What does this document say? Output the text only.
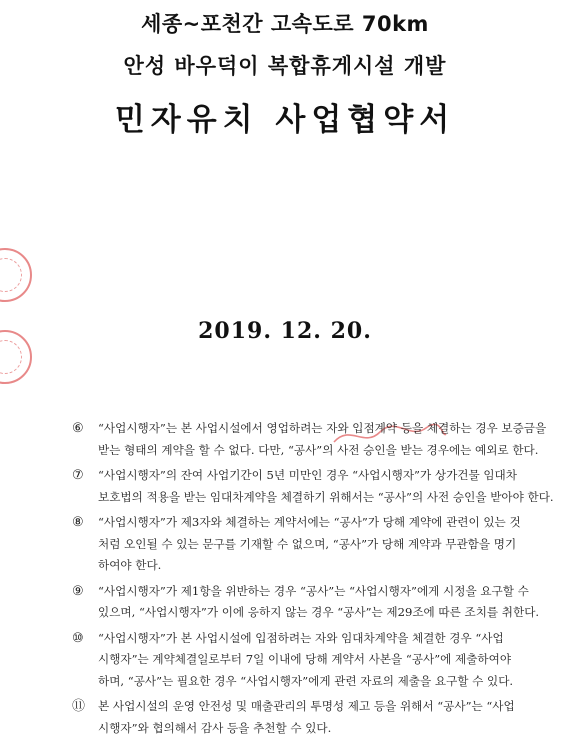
세종~포천간 고속도로 70km
안성 바우덕이 복합휴게시설 개발
민자유치 사업협약서
2019. 12. 20.
⑥ “사업시행자”는 본 사업시설에서 영업하려는 자와 입점계약 등을 체결하는 경우 보증금을
받는 형태의 계약을 할 수 없다. 다만, “공사”의 사전 승인을 받는 경우에는 예외로 한다.
⑦ “사업시행자”의 잔여 사업기간이 5년 미만인 경우 “사업시행자”가 상가건물 임대차
보호법의 적용을 받는 임대차계약을 체결하기 위해서는 “공사”의 사전 승인을 받아야 한다.
⑧ “사업시행자”가 제3자와 체결하는 계약서에는 “공사”가 당해 계약에 관련이 있는 것
처럼 오인될 수 있는 문구를 기재할 수 없으며, “공사”가 당해 계약과 무관함을 명기
하여야 한다.
⑨ “사업시행자”가 제1항을 위반하는 경우 “공사”는 “사업시행자”에게 시정을 요구할 수
있으며, “사업시행자”가 이에 응하지 않는 경우 “공사”는 제29조에 따른 조치를 취한다.
⑩ “사업시행자”가 본 사업시설에 입점하려는 자와 임대차계약을 체결한 경우 “사업
시행자”는 계약체결일로부터 7일 이내에 당해 계약서 사본을 “공사”에 제출하여야
하며, “공사”는 필요한 경우 “사업시행자”에게 관련 자료의 제출을 요구할 수 있다.
⑪ 본 사업시설의 운영 안전성 및 매출관리의 투명성 제고 등을 위해서 “공사”는 “사업
시행자”와 협의해서 감사 등을 추천할 수 있다.
